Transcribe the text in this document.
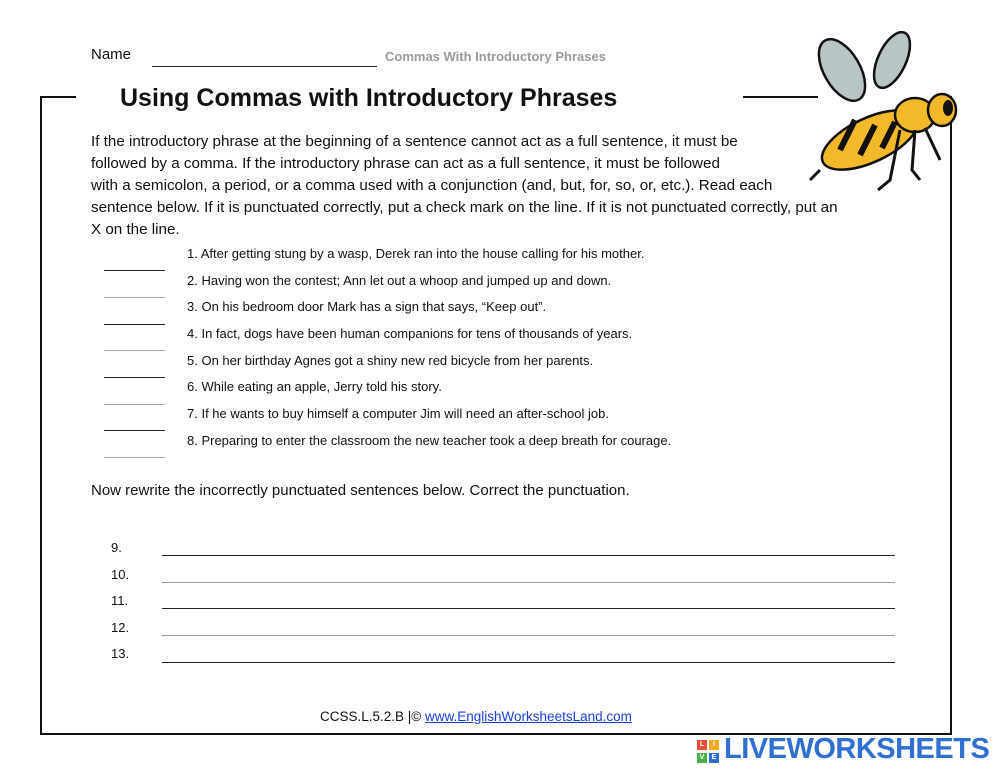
Name	Commas With Introductory Phrases
Using Commas with Introductory Phrases
If the introductory phrase at the beginning of a sentence cannot act as a full sentence, it must be
followed by a comma. If the introductory phrase can act as a full sentence, it must be followed
with a semicolon, a period, or a comma used with a conjunction (and, but, for, so, or, etc.). Read each
sentence below. If it is punctuated correctly, put a check mark on the line. If it is not punctuated correctly, put an
X on the line.
1. After getting stung by a wasp, Derek ran into the house calling for his mother.
2. Having won the contest; Ann let out a whoop and jumped up and down.
3. On his bedroom door Mark has a sign that says, “Keep out”.
4. In fact, dogs have been human companions for tens of thousands of years.
5. On her birthday Agnes got a shiny new red bicycle from her parents.
6. While eating an apple, Jerry told his story.
7. If he wants to buy himself a computer Jim will need an after-school job.
8. Preparing to enter the classroom the new teacher took a deep breath for courage.
Now rewrite the incorrectly punctuated sentences below. Correct the punctuation.
9.
10.
11.
12.
13.
CCSS.L.5.2.B |© www.EnglishWorksheetsLand.com
L	I
V	E LIVEWORKSHEETS
